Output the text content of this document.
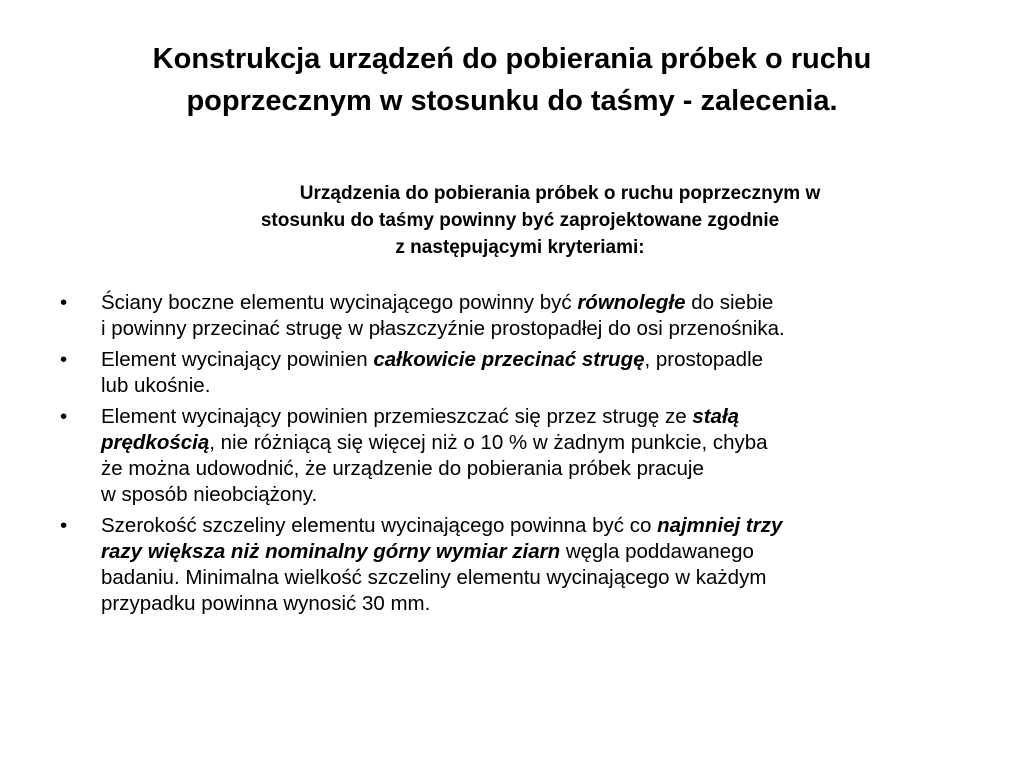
Konstrukcja urządzeń do pobierania próbek o ruchu
poprzecznym w stosunku do taśmy - zalecenia.
Urządzenia do pobierania próbek o ruchu poprzecznym w
stosunku do taśmy powinny być zaprojektowane zgodnie
z następującymi kryteriami:
• Ściany boczne elementu wycinającego powinny być równoległe do siebie
i powinny przecinać strugę w płaszczyźnie prostopadłej do osi przenośnika.
• Element wycinający powinien całkowicie przecinać strugę, prostopadle
lub ukośnie.
• Element wycinający powinien przemieszczać się przez strugę ze stałą
prędkością, nie różniącą się więcej niż o 10 % w żadnym punkcie, chyba
że można udowodnić, że urządzenie do pobierania próbek pracuje
w sposób nieobciążony.
• Szerokość szczeliny elementu wycinającego powinna być co najmniej trzy
razy większa niż nominalny górny wymiar ziarn węgla poddawanego
badaniu. Minimalna wielkość szczeliny elementu wycinającego w każdym
przypadku powinna wynosić 30 mm.
